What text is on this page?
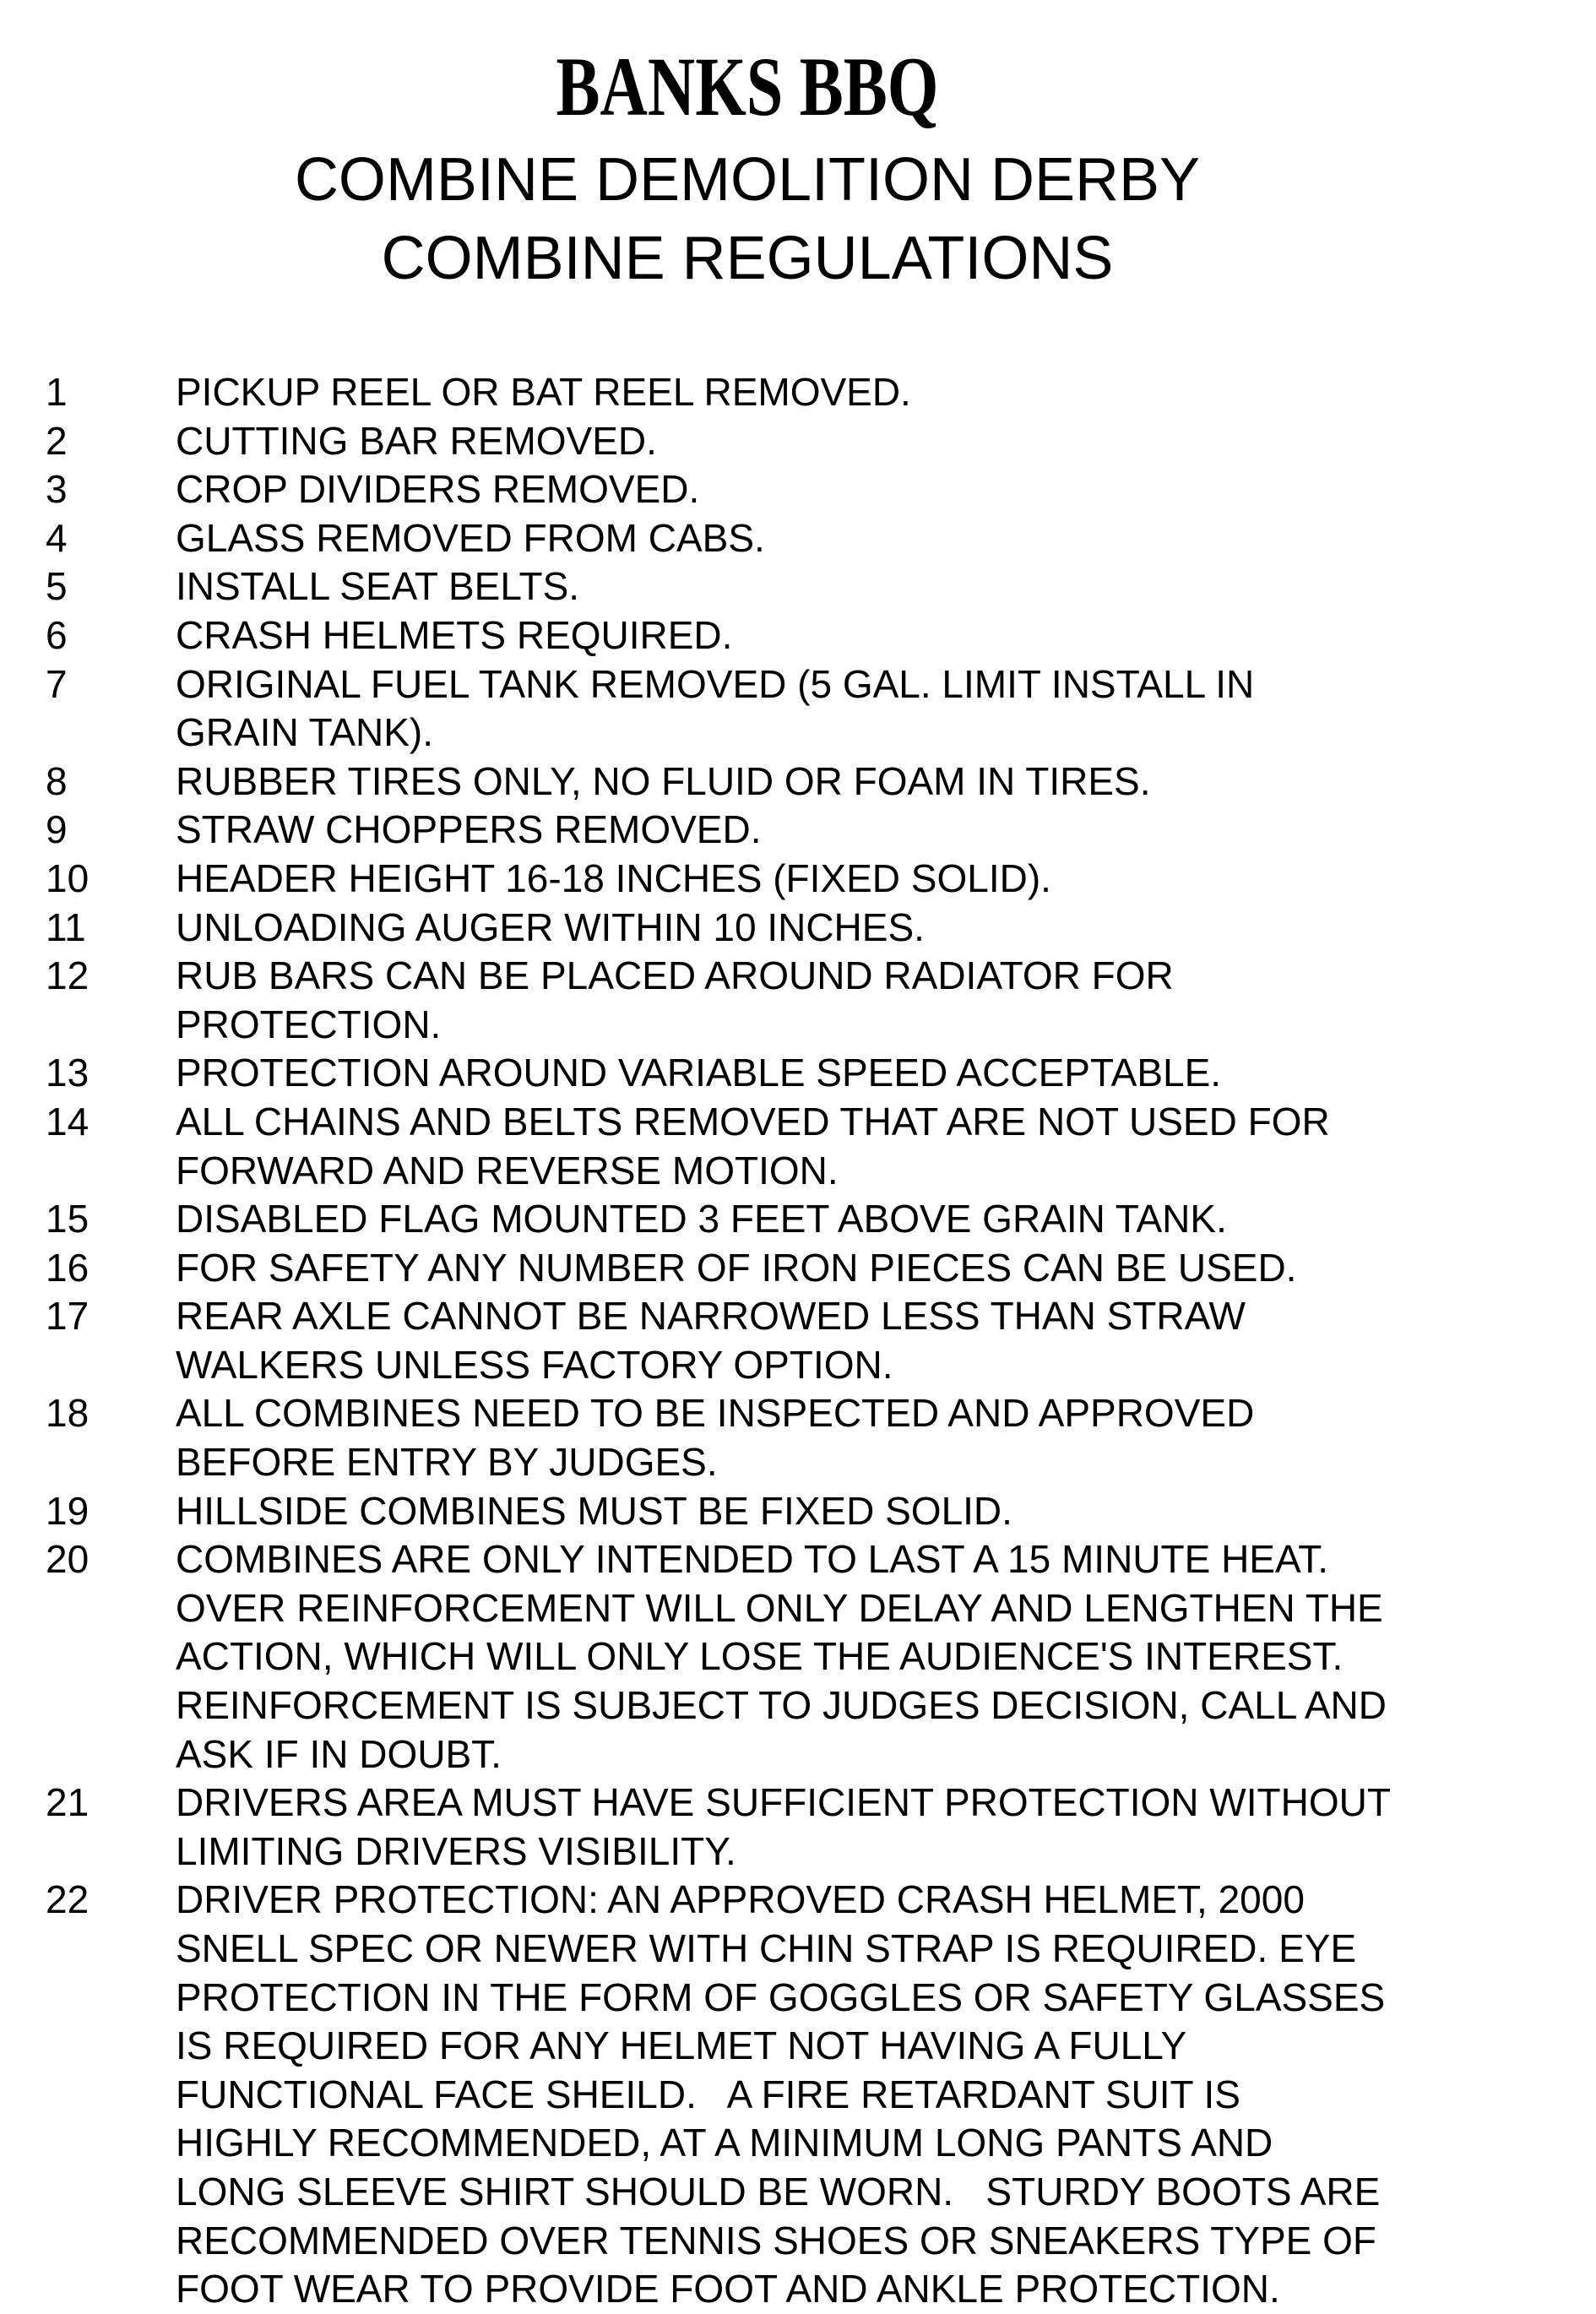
BANKS BBQ
COMBINE DEMOLITION DERBY
COMBINE REGULATIONS
1	PICKUP REEL OR BAT REEL REMOVED.
2	CUTTING BAR REMOVED.
3	CROP DIVIDERS REMOVED.
4	GLASS REMOVED FROM CABS.
5	INSTALL SEAT BELTS.
6	CRASH HELMETS REQUIRED.
7	ORIGINAL FUEL TANK REMOVED (5 GAL. LIMIT INSTALL IN
GRAIN TANK).
8	RUBBER TIRES ONLY, NO FLUID OR FOAM IN TIRES.
9	STRAW CHOPPERS REMOVED.
10	HEADER HEIGHT 16-18 INCHES (FIXED SOLID).
11	UNLOADING AUGER WITHIN 10 INCHES.
12	RUB BARS CAN BE PLACED AROUND RADIATOR FOR
PROTECTION.
13	PROTECTION AROUND VARIABLE SPEED ACCEPTABLE.
14	ALL CHAINS AND BELTS REMOVED THAT ARE NOT USED FOR
FORWARD AND REVERSE MOTION.
15	DISABLED FLAG MOUNTED 3 FEET ABOVE GRAIN TANK.
16	FOR SAFETY ANY NUMBER OF IRON PIECES CAN BE USED.
17	REAR AXLE CANNOT BE NARROWED LESS THAN STRAW
WALKERS UNLESS FACTORY OPTION.
18	ALL COMBINES NEED TO BE INSPECTED AND APPROVED
BEFORE ENTRY BY JUDGES.
19	HILLSIDE COMBINES MUST BE FIXED SOLID.
20	COMBINES ARE ONLY INTENDED TO LAST A 15 MINUTE HEAT.
OVER REINFORCEMENT WILL ONLY DELAY AND LENGTHEN THE
ACTION, WHICH WILL ONLY LOSE THE AUDIENCE'S INTEREST.
REINFORCEMENT IS SUBJECT TO JUDGES DECISION, CALL AND
ASK IF IN DOUBT.
21	DRIVERS AREA MUST HAVE SUFFICIENT PROTECTION WITHOUT
LIMITING DRIVERS VISIBILITY.
22	DRIVER PROTECTION: AN APPROVED CRASH HELMET, 2000
SNELL SPEC OR NEWER WITH CHIN STRAP IS REQUIRED. EYE
PROTECTION IN THE FORM OF GOGGLES OR SAFETY GLASSES
IS REQUIRED FOR ANY HELMET NOT HAVING A FULLY
FUNCTIONAL FACE SHEILD.   A FIRE RETARDANT SUIT IS
HIGHLY RECOMMENDED, AT A MINIMUM LONG PANTS AND
LONG SLEEVE SHIRT SHOULD BE WORN.   STURDY BOOTS ARE
RECOMMENDED OVER TENNIS SHOES OR SNEAKERS TYPE OF
FOOT WEAR TO PROVIDE FOOT AND ANKLE PROTECTION.
